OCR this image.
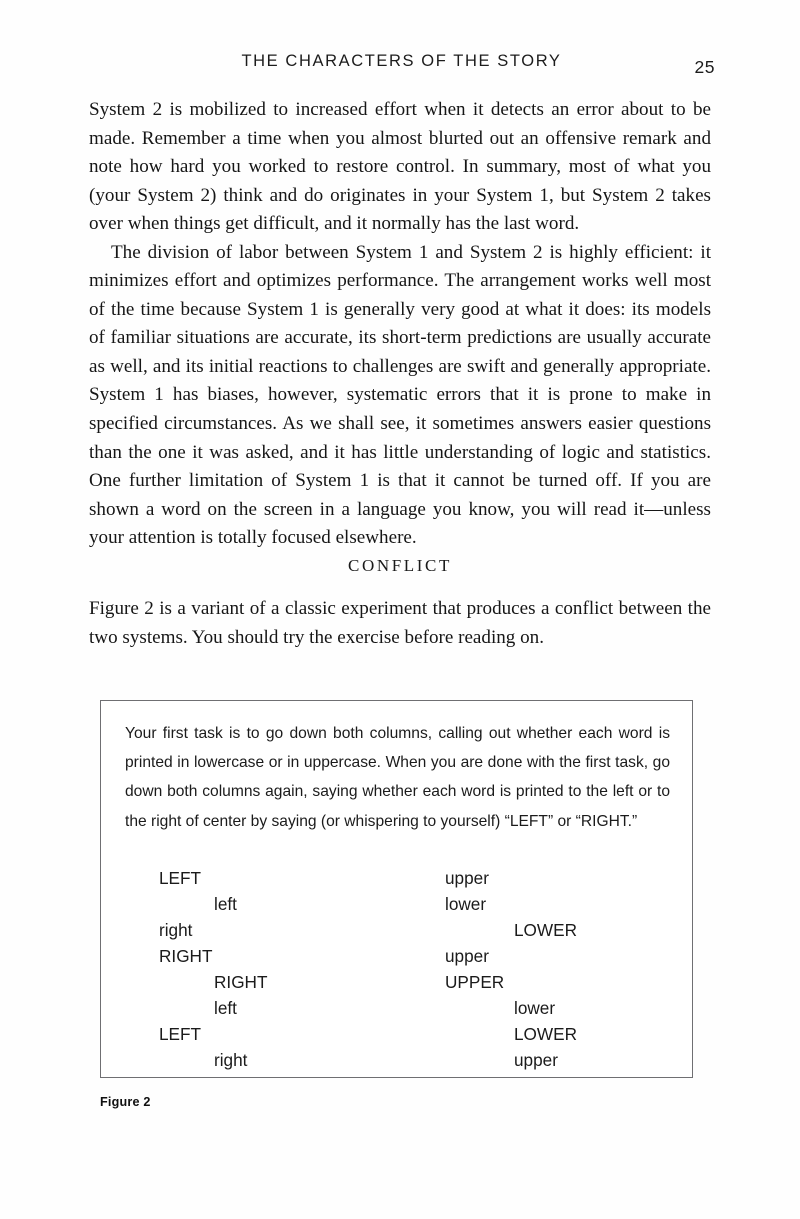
THE CHARACTERS OF THE STORY	25

System 2 is mobilized to increased effort when it detects an error about to be made. Remember a time when you almost blurted out an offensive remark and note how hard you worked to restore control. In summary, most of what you (your System 2) think and do originates in your System 1, but System 2 takes over when things get difficult, and it normally has the last word.

The division of labor between System 1 and System 2 is highly efficient: it minimizes effort and optimizes performance. The arrangement works well most of the time because System 1 is generally very good at what it does: its models of familiar situations are accurate, its short-term predictions are usually accurate as well, and its initial reactions to challenges are swift and generally appropriate. System 1 has biases, however, systematic errors that it is prone to make in specified circumstances. As we shall see, it sometimes answers easier questions than the one it was asked, and it has little understanding of logic and statistics. One further limitation of System 1 is that it cannot be turned off. If you are shown a word on the screen in a language you know, you will read it—unless your attention is totally focused elsewhere.

CONFLICT

Figure 2 is a variant of a classic experiment that produces a conflict between the two systems. You should try the exercise before reading on.

Your first task is to go down both columns, calling out whether each word is printed in lowercase or in uppercase. When you are done with the first task, go down both columns again, saying whether each word is printed to the left or to the right of center by saying (or whispering to yourself) “LEFT” or “RIGHT.”
LEFT	upper
left	lower
right	LOWER
RIGHT	upper
RIGHT	UPPER
left	lower
LEFT	LOWER
right	upper
Figure 2
